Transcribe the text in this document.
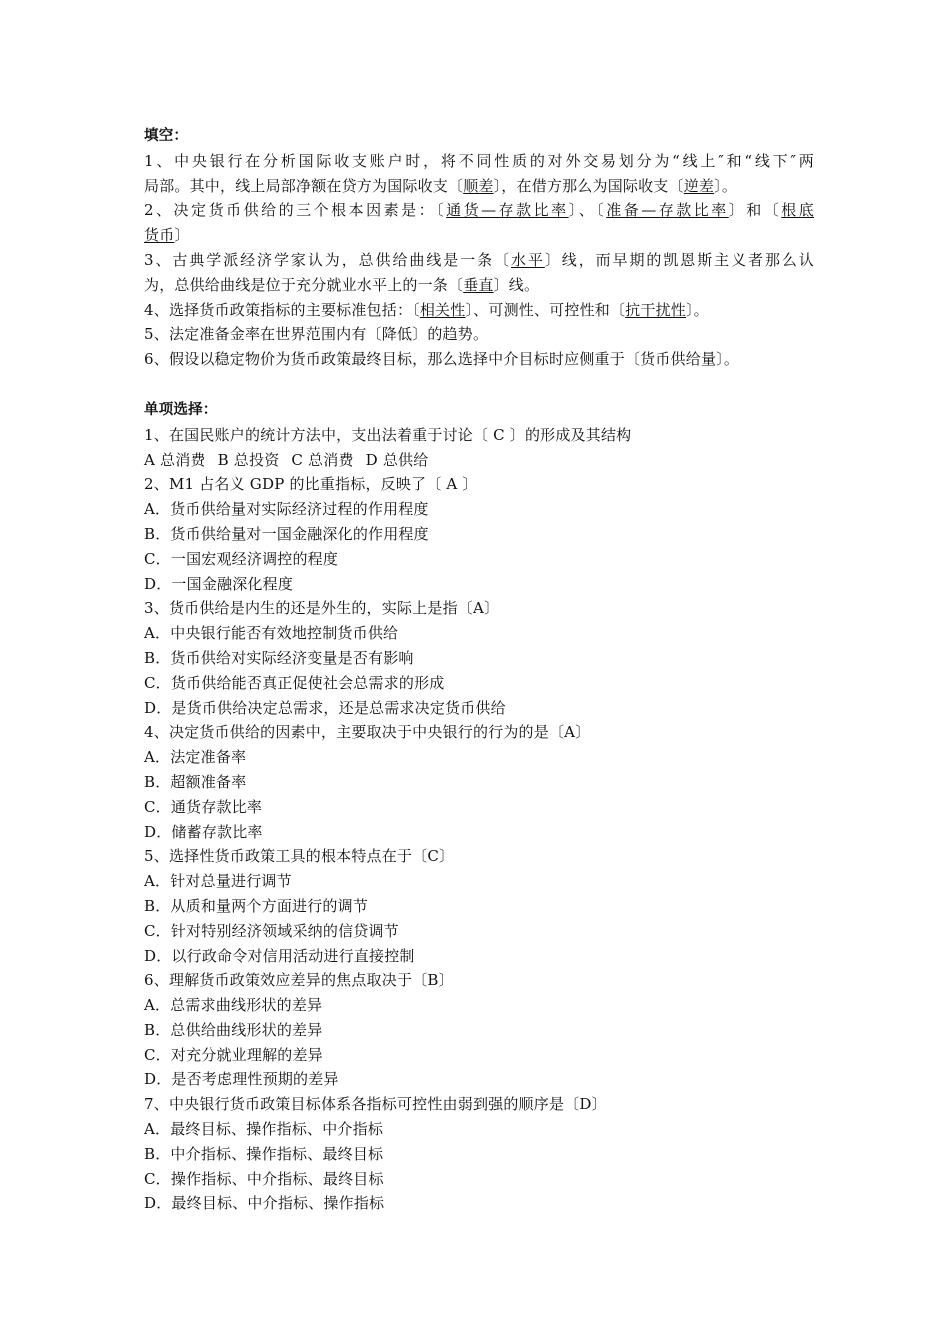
填空：
1、中央银行在分析国际收支账户时，将不同性质的对外交易划分为“线上″和“线下″两
局部。其中，线上局部净额在贷方为国际收支〔顺差〕，在借方那么为国际收支〔逆差〕。
2、决定货币供给的三个根本因素是：〔通货—存款比率〕、〔准备—存款比率〕和〔根底
货币〕
3、古典学派经济学家认为，总供给曲线是一条〔水平〕线，而早期的凯恩斯主义者那么认
为，总供给曲线是位于充分就业水平上的一条〔垂直〕线。
4、选择货币政策指标的主要标准包括：〔相关性〕、可测性、可控性和〔抗干扰性〕。
5、法定准备金率在世界范围内有〔降低〕的趋势。
6、假设以稳定物价为货币政策最终目标，那么选择中介目标时应侧重于〔货币供给量〕。
单项选择：
1、在国民账户的统计方法中，支出法着重于讨论〔 C 〕的形成及其结构
A 总消费 B 总投资 C 总消费 D 总供给
2、M1 占名义 GDP 的比重指标，反映了〔 A 〕
A．货币供给量对实际经济过程的作用程度
B．货币供给量对一国金融深化的作用程度
C．一国宏观经济调控的程度
D．一国金融深化程度
3、货币供给是内生的还是外生的，实际上是指〔A〕
A．中央银行能否有效地控制货币供给
B．货币供给对实际经济变量是否有影响
C．货币供给能否真正促使社会总需求的形成
D．是货币供给决定总需求，还是总需求决定货币供给
4、决定货币供给的因素中，主要取决于中央银行的行为的是〔A〕
A．法定准备率
B．超额准备率
C．通货存款比率
D．储蓄存款比率
5、选择性货币政策工具的根本特点在于〔C〕
A．针对总量进行调节
B．从质和量两个方面进行的调节
C．针对特别经济领域采纳的信贷调节
D．以行政命令对信用活动进行直接控制
6、理解货币政策效应差异的焦点取决于〔B〕
A．总需求曲线形状的差异
B．总供给曲线形状的差异
C．对充分就业理解的差异
D．是否考虑理性预期的差异
7、中央银行货币政策目标体系各指标可控性由弱到强的顺序是〔D〕
A．最终目标、操作指标、中介指标
B．中介指标、操作指标、最终目标
C．操作指标、中介指标、最终目标
D．最终目标、中介指标、操作指标
